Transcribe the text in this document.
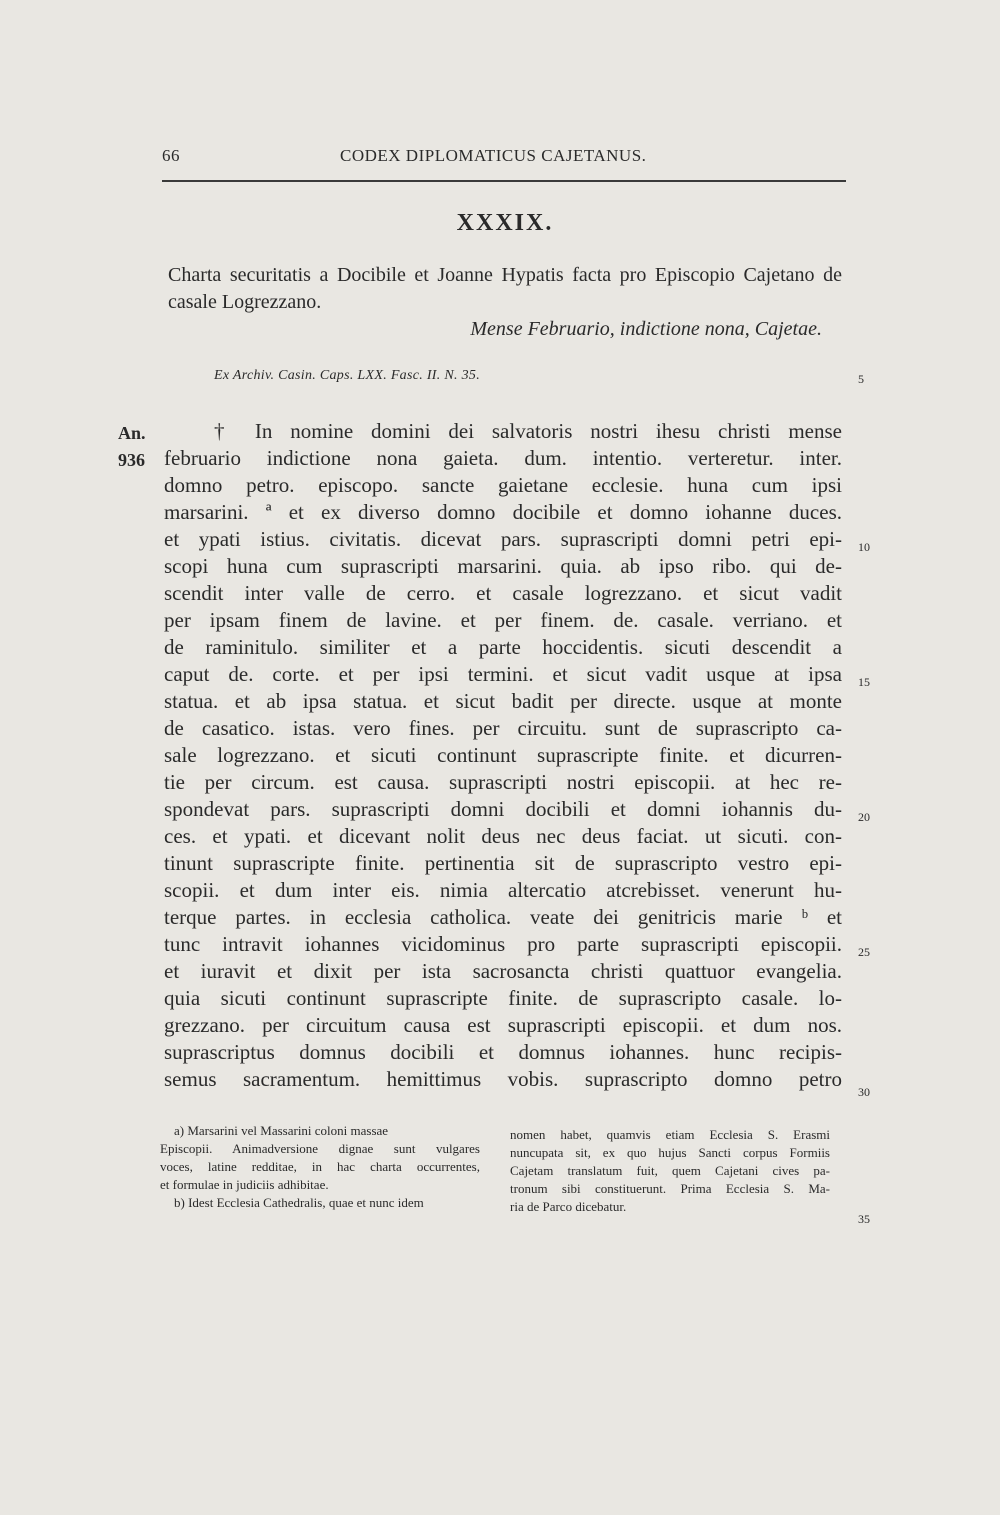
66	CODEX DIPLOMATICUS CAJETANUS.
XXXIX.
Charta securitatis a Docibile et Joanne Hypatis facta pro Episcopio Cajetano de casale Logrezzano.
Mense Februario, indictione nona, Cajetae.
Ex Archiv. Casin. Caps. LXX. Fasc. II. N. 35.
An.
936
5
10
15
20
25
30
35
† In nomine domini dei salvatoris nostri ihesu christi mense
februario indictione nona gaieta. dum. intentio. verteretur. inter.
domno petro. episcopo. sancte gaietane ecclesie. huna cum ipsi
marsarini. ª et ex diverso domno docibile et domno iohanne duces.
et ypati istius. civitatis. dicevat pars. suprascripti domni petri epi-
scopi huna cum suprascripti marsarini. quia. ab ipso ribo. qui de-
scendit inter valle de cerro. et casale logrezzano. et sicut vadit
per ipsam finem de lavine. et per finem. de. casale. verriano. et
de raminitulo. similiter et a parte hoccidentis. sicuti descendit a
caput de. corte. et per ipsi termini. et sicut vadit usque at ipsa
statua. et ab ipsa statua. et sicut badit per directe. usque at monte
de casatico. istas. vero fines. per circuitu. sunt de suprascripto ca-
sale logrezzano. et sicuti continunt suprascripte finite. et dicurren-
tie per circum. est causa. suprascripti nostri episcopii. at hec re-
spondevat pars. suprascripti domni docibili et domni iohannis du-
ces. et ypati. et dicevant nolit deus nec deus faciat. ut sicuti. con-
tinunt suprascripte finite. pertinentia sit de suprascripto vestro epi-
scopii. et dum inter eis. nimia altercatio atcrebisset. venerunt hu-
terque partes. in ecclesia catholica. veate dei genitricis marie ᵇ et
tunc intravit iohannes vicidominus pro parte suprascripti episcopii.
et iuravit et dixit per ista sacrosancta christi quattuor evangelia.
quia sicuti continunt suprascripte finite. de suprascripto casale. lo-
grezzano. per circuitum causa est suprascripti episcopii. et dum nos.
suprascriptus domnus docibili et domnus iohannes. hunc recipis-
semus sacramentum. hemittimus vobis. suprascripto domno petro
a) Marsarini vel Massarini coloni massae
Episcopii. Animadversione dignae sunt vulgares
voces, latine redditae, in hac charta occurrentes,
et formulae in judiciis adhibitae.
b) Idest Ecclesia Cathedralis, quae et nunc idem
nomen habet, quamvis etiam Ecclesia S. Erasmi
nuncupata sit, ex quo hujus Sancti corpus Formiis
Cajetam translatum fuit, quem Cajetani cives pa-
tronum sibi constituerunt. Prima Ecclesia S. Ma-
ria de Parco dicebatur.
